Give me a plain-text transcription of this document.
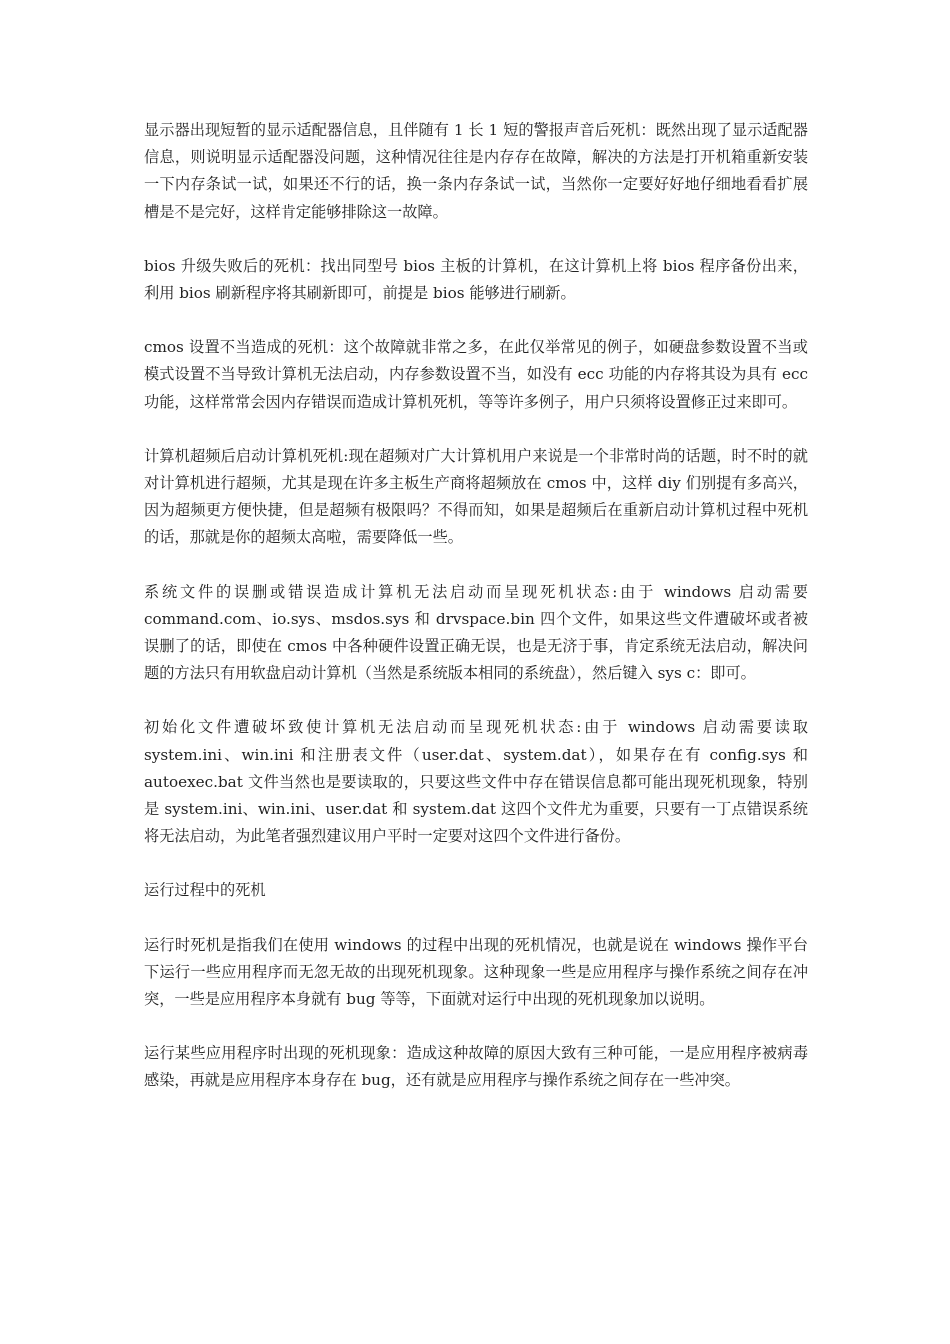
显示器出现短暂的显示适配器信息，且伴随有 1 长 1 短的警报声音后死机：既然出现了显示适配器信息，则说明显示适配器没问题，这种情况往往是内存存在故障，解决的方法是打开机箱重新安装一下内存条试一试，如果还不行的话，换一条内存条试一试，当然你一定要好好地仔细地看看扩展槽是不是完好，这样肯定能够排除这一故障。

bios 升级失败后的死机：找出同型号 bios 主板的计算机，在这计算机上将 bios 程序备份出来，利用 bios 刷新程序将其刷新即可，前提是 bios 能够进行刷新。

cmos 设置不当造成的死机：这个故障就非常之多，在此仅举常见的例子，如硬盘参数设置不当或模式设置不当导致计算机无法启动，内存参数设置不当，如没有 ecc 功能的内存将其设为具有 ecc 功能，这样常常会因内存错误而造成计算机死机，等等许多例子，用户只须将设置修正过来即可。

计算机超频后启动计算机死机:现在超频对广大计算机用户来说是一个非常时尚的话题，时不时的就对计算机进行超频，尤其是现在许多主板生产商将超频放在 cmos 中，这样 diy 们别提有多高兴，因为超频更方便快捷，但是超频有极限吗？不得而知，如果是超频后在重新启动计算机过程中死机的话，那就是你的超频太高啦，需要降低一些。

系统文件的误删或错误造成计算机无法启动而呈现死机状态:由于 windows 启动需要 command.com、io.sys、msdos.sys 和 drvspace.bin 四个文件，如果这些文件遭破坏或者被误删了的话，即使在 cmos 中各种硬件设置正确无误，也是无济于事，肯定系统无法启动，解决问题的方法只有用软盘启动计算机（当然是系统版本相同的系统盘），然后键入 sys c：即可。

初始化文件遭破坏致使计算机无法启动而呈现死机状态:由于 windows 启动需要读取 system.ini、win.ini 和注册表文件（user.dat、system.dat），如果存在有 config.sys 和 autoexec.bat 文件当然也是要读取的，只要这些文件中存在错误信息都可能出现死机现象，特别是 system.ini、win.ini、user.dat 和 system.dat 这四个文件尤为重要，只要有一丁点错误系统将无法启动，为此笔者强烈建议用户平时一定要对这四个文件进行备份。

运行过程中的死机

运行时死机是指我们在使用 windows 的过程中出现的死机情况，也就是说在 windows 操作平台下运行一些应用程序而无忽无故的出现死机现象。这种现象一些是应用程序与操作系统之间存在冲突，一些是应用程序本身就有 bug 等等，下面就对运行中出现的死机现象加以说明。

运行某些应用程序时出现的死机现象：造成这种故障的原因大致有三种可能，一是应用程序被病毒感染，再就是应用程序本身存在 bug，还有就是应用程序与操作系统之间存在一些冲突。
